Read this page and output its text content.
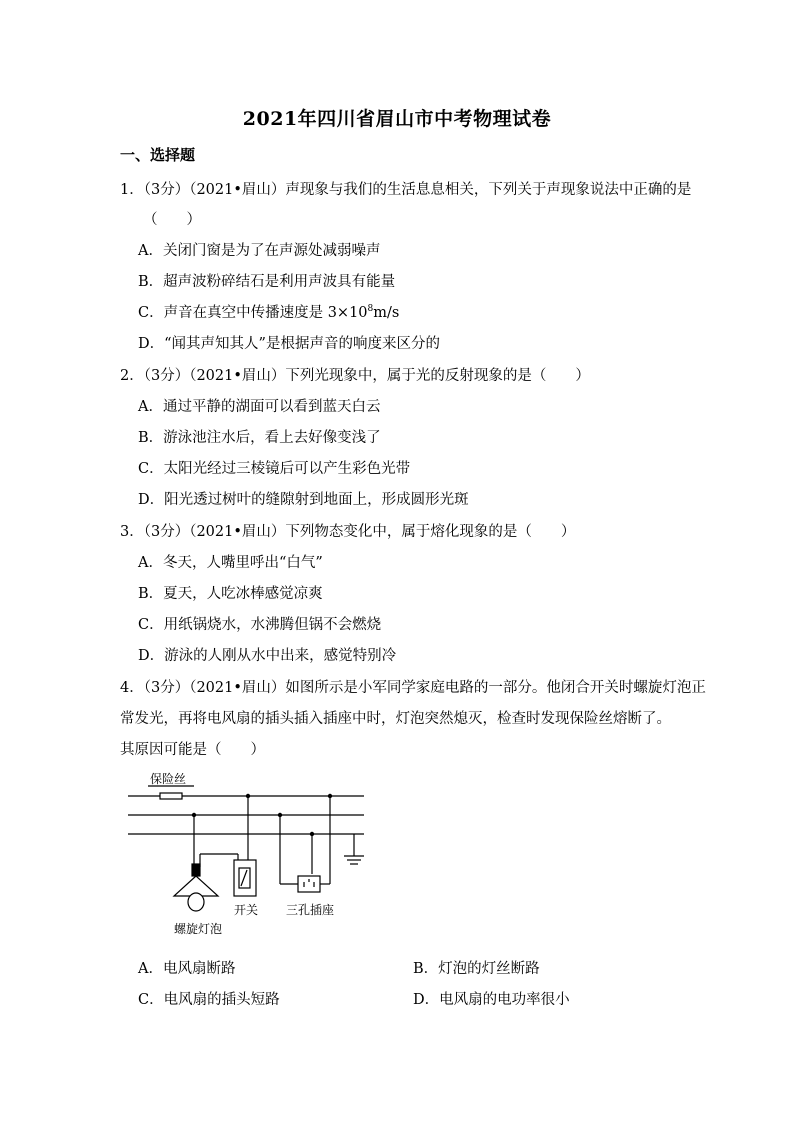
2021年四川省眉山市中考物理试卷
一、选择题
1．（3分）（2021•眉山）声现象与我们的生活息息相关，下列关于声现象说法中正确的是
（　　）
A．关闭门窗是为了在声源处减弱噪声
B．超声波粉碎结石是利用声波具有能量
C．声音在真空中传播速度是 $3\times 10^8m/s$
D．“闻其声知其人”是根据声音的响度来区分的
2．（3分）（2021•眉山）下列光现象中，属于光的反射现象的是（　　）
A．通过平静的湖面可以看到蓝天白云
B．游泳池注水后，看上去好像变浅了
C．太阳光经过三棱镜后可以产生彩色光带
D．阳光透过树叶的缝隙射到地面上，形成圆形光斑
3．（3分）（2021•眉山）下列物态变化中，属于熔化现象的是（　　）
A．冬天，人嘴里呼出“白气”
B．夏天，人吃冰棒感觉凉爽
C．用纸锅烧水，水沸腾但锅不会燃烧
D．游泳的人刚从水中出来，感觉特别冷
4．（3分）（2021•眉山）如图所示是小军同学家庭电路的一部分。他闭合开关时螺旋灯泡正
常发光，再将电风扇的插头插入插座中时，灯泡突然熄灭，检查时发现保险丝熔断了。
其原因可能是（　　）
保险丝
开关 三孔插座
螺旋灯泡
A．电风扇断路	B．灯泡的灯丝断路
C．电风扇的插头短路	D．电风扇的电功率很小
